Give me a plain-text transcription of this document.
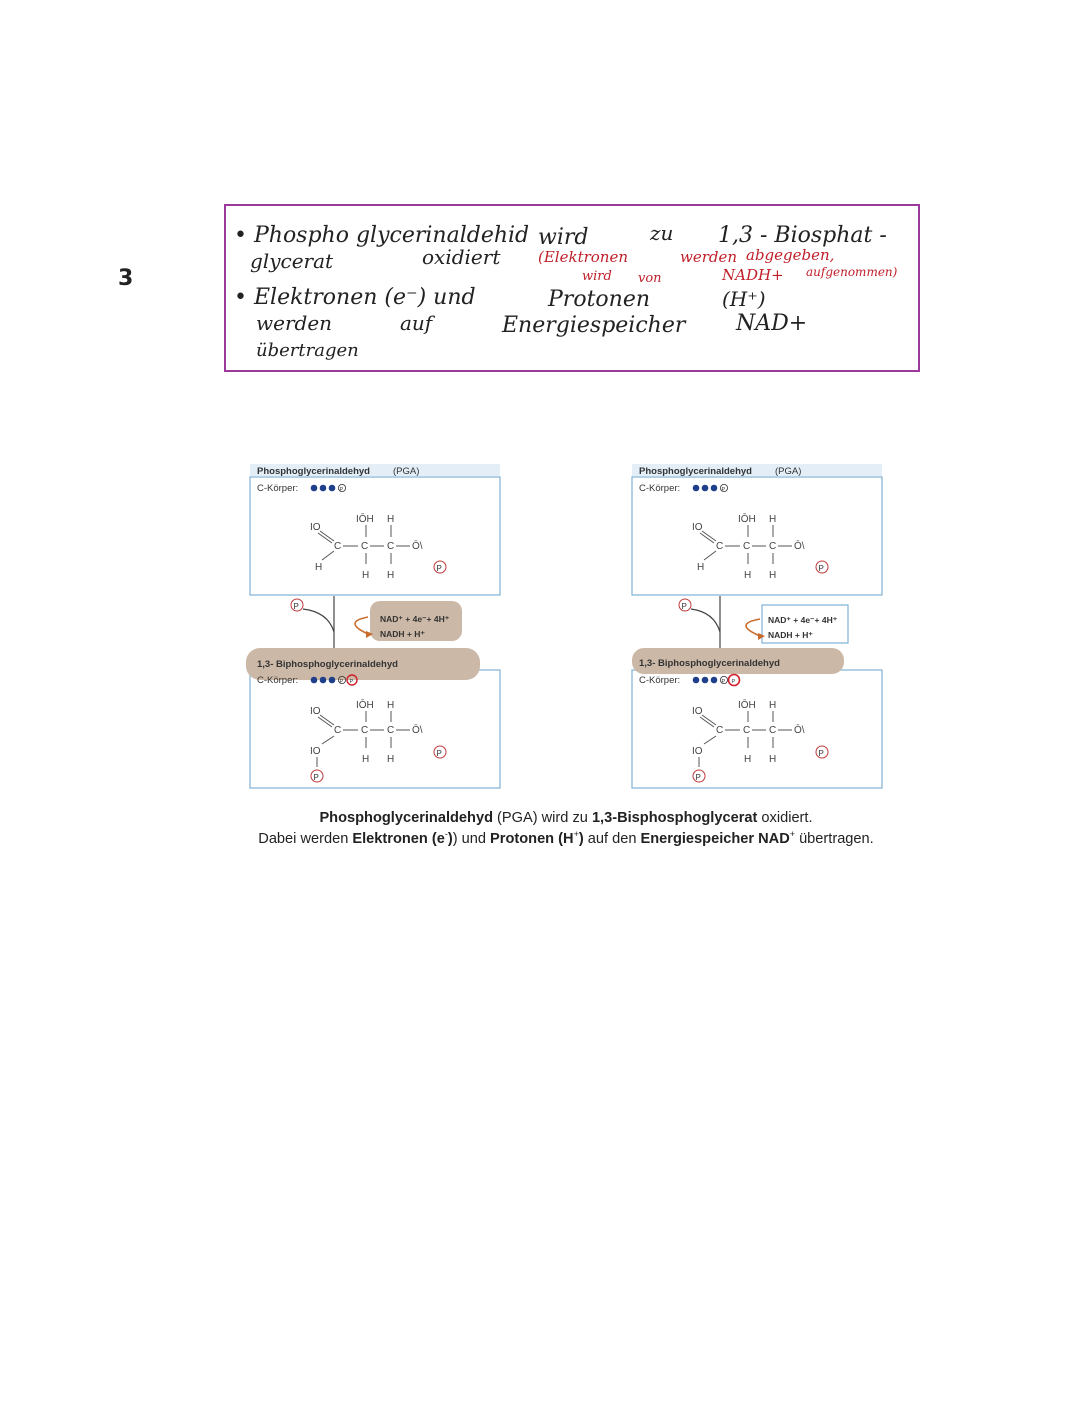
3
• Phospho glycerinaldehid wird	zu 1,3 - Biosphat -
glycerat	oxidiert	(Elektronen	werden abgegeben,
wird von	NADH+ aufgenommen)
• Elektronen (e⁻) und	Protonen	(H⁺)
werden	auf	Energiespeicher NAD+
übertragen
Phosphoglycerinaldehyd (PGA)
C-Körper:	P
IO
IŌH H
C C C Ō\
H
H H
P
P
NAD⁺ + 4e⁻+ 4H⁺
NADH + H⁺
1,3- Biphosphoglycerinaldehyd
C-Körper:	P P
IO
IŌH H
C C C Ō\
IO
P
H H
P
Phosphoglycerinaldehyd (PGA)
C-Körper:	P
IO
IŌH H
C C C Ō\
H
H H
P
P
NAD⁺ + 4e⁻+ 4H⁺
NADH + H⁺
1,3- Biphosphoglycerinaldehyd
C-Körper:	P P
IO
IŌH H
C C C Ō\
IO
P
H H
P
Phosphoglycerinaldehyd (PGA) wird zu 1,3-Bisphosphoglycerat oxidiert.
Dabei werden Elektronen (e-)) und Protonen (H+) auf den Energiespeicher NAD+ übertragen.
